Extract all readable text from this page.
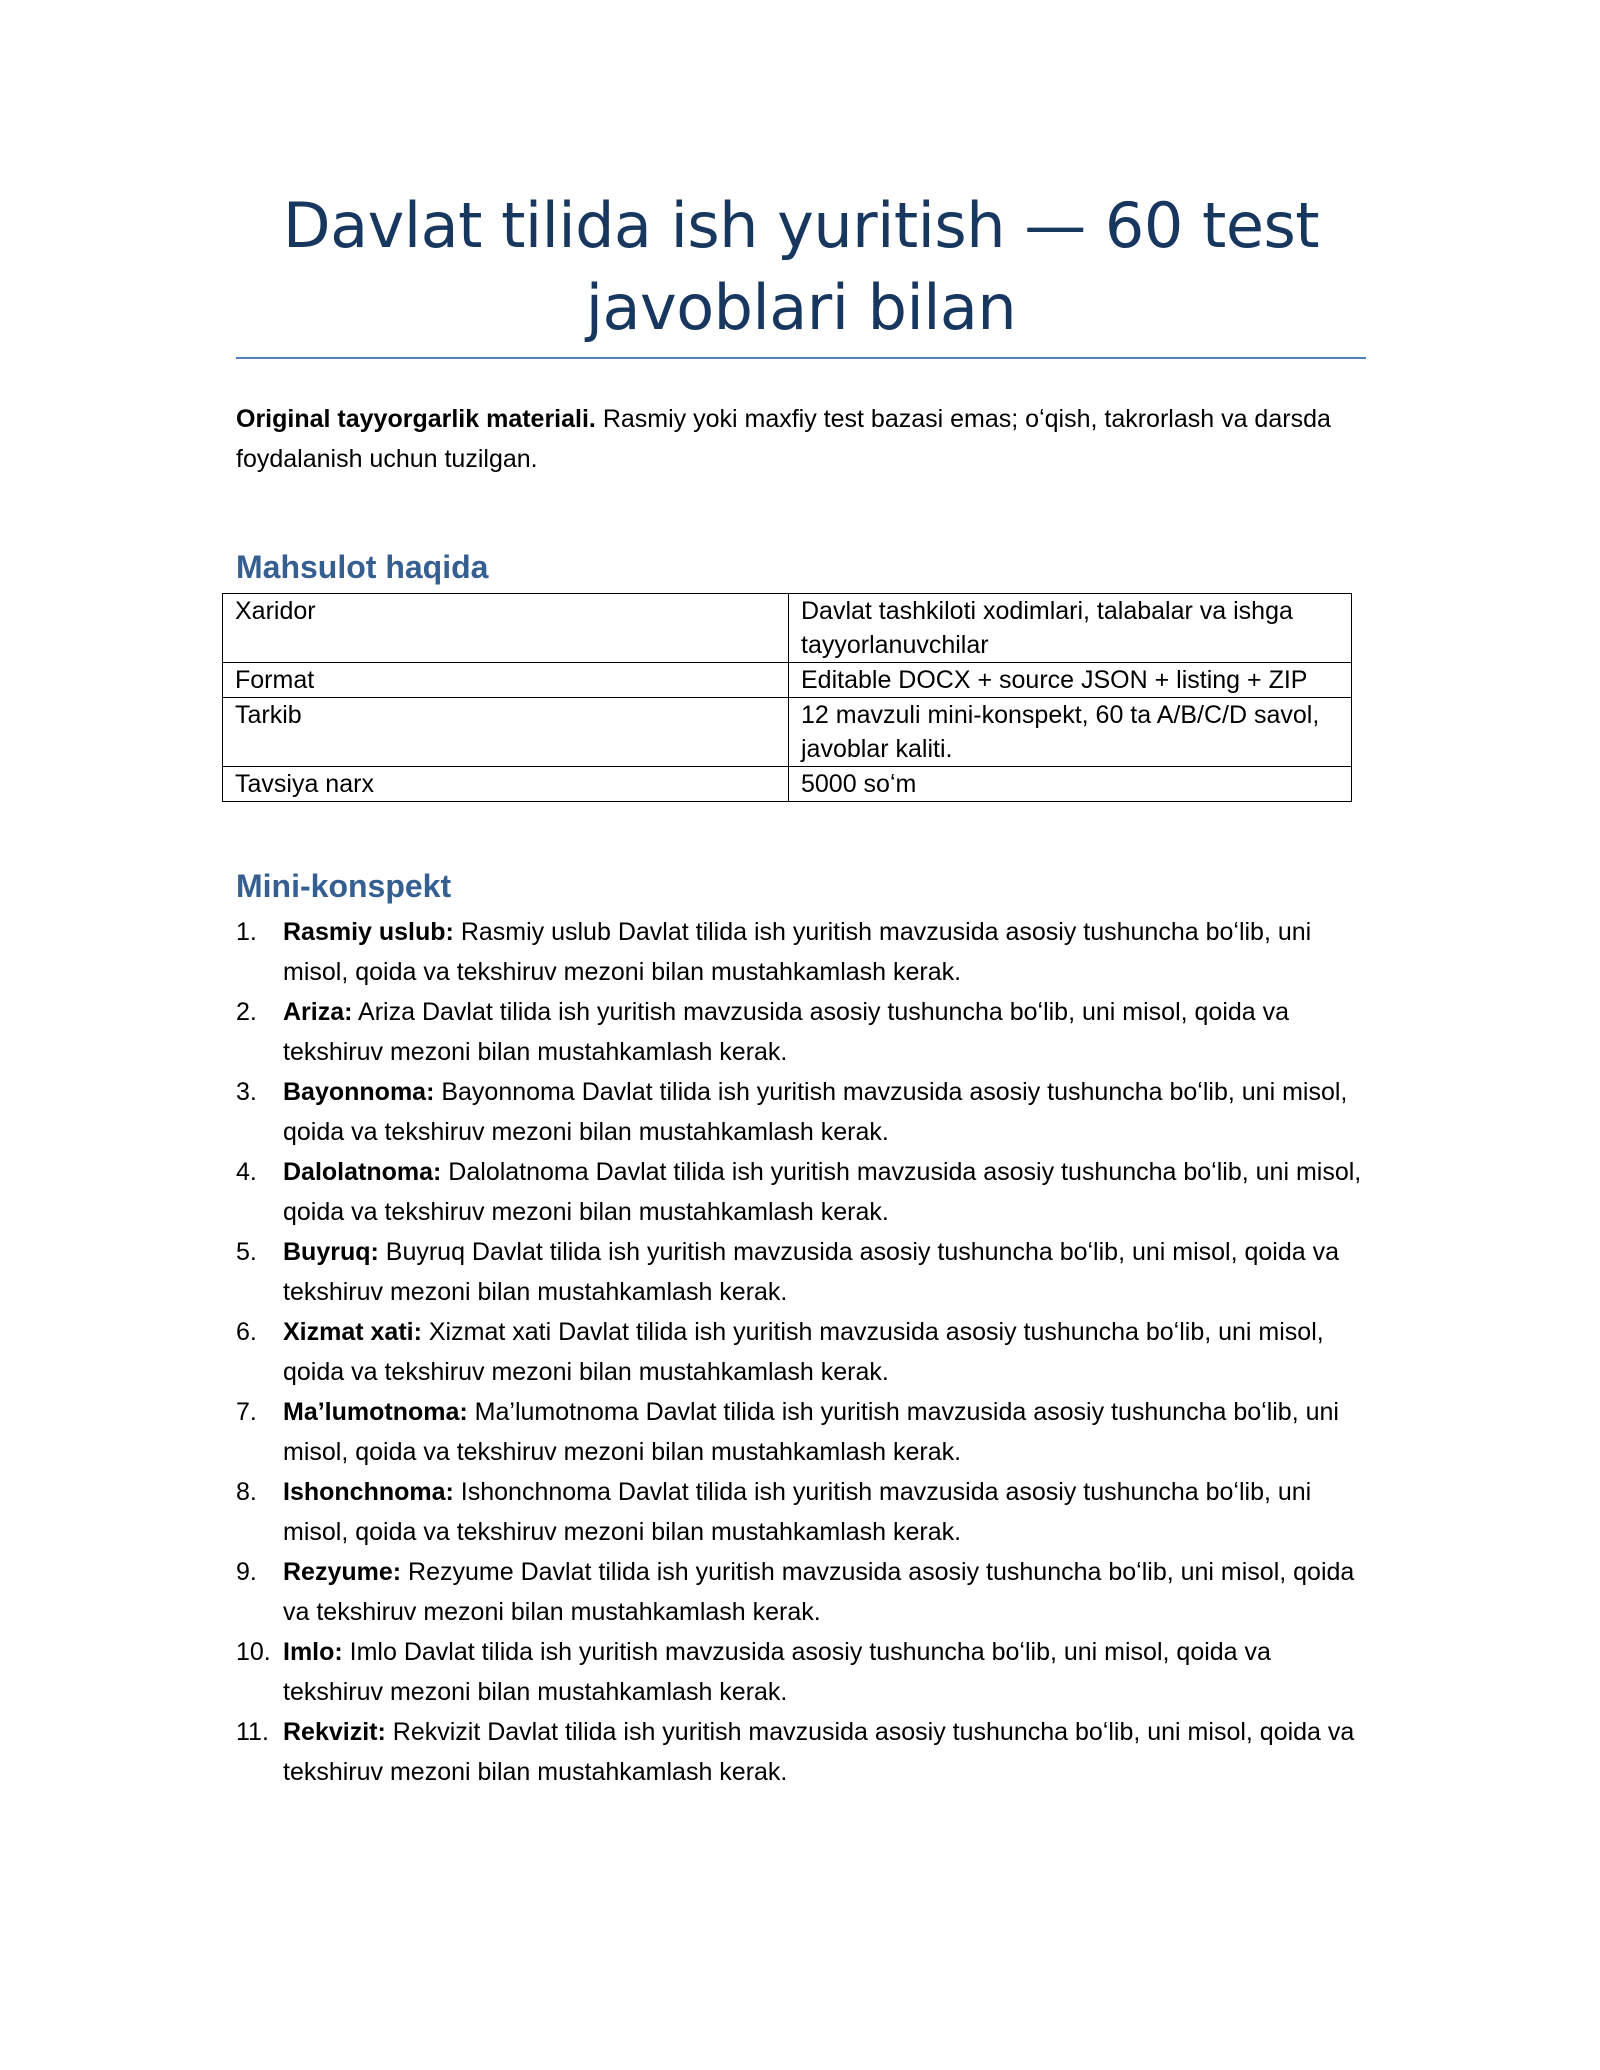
Davlat tilida ish yuritish — 60 test javoblari bilan

Original tayyorgarlik materiali. Rasmiy yoki maxfiy test bazasi emas; oʻqish, takrorlash va darsda foydalanish uchun tuzilgan.

Mahsulot haqida
Xaridor	Davlat tashkiloti xodimlari, talabalar va ishga tayyorlanuvchilar
Format	Editable DOCX + source JSON + listing + ZIP
Tarkib	12 mavzuli mini-konspekt, 60 ta A/B/C/D savol, javoblar kaliti.
Tavsiya narx	5000 soʻm
Mini-konspekt
1. Rasmiy uslub: Rasmiy uslub Davlat tilida ish yuritish mavzusida asosiy tushuncha boʻlib, uni misol, qoida va tekshiruv mezoni bilan mustahkamlash kerak.
2. Ariza: Ariza Davlat tilida ish yuritish mavzusida asosiy tushuncha boʻlib, uni misol, qoida va tekshiruv mezoni bilan mustahkamlash kerak.
3. Bayonnoma: Bayonnoma Davlat tilida ish yuritish mavzusida asosiy tushuncha boʻlib, uni misol, qoida va tekshiruv mezoni bilan mustahkamlash kerak.
4. Dalolatnoma: Dalolatnoma Davlat tilida ish yuritish mavzusida asosiy tushuncha boʻlib, uni misol, qoida va tekshiruv mezoni bilan mustahkamlash kerak.
5. Buyruq: Buyruq Davlat tilida ish yuritish mavzusida asosiy tushuncha boʻlib, uni misol, qoida va tekshiruv mezoni bilan mustahkamlash kerak.
6. Xizmat xati: Xizmat xati Davlat tilida ish yuritish mavzusida asosiy tushuncha boʻlib, uni misol, qoida va tekshiruv mezoni bilan mustahkamlash kerak.
7. Ma’lumotnoma: Ma’lumotnoma Davlat tilida ish yuritish mavzusida asosiy tushuncha boʻlib, uni misol, qoida va tekshiruv mezoni bilan mustahkamlash kerak.
8. Ishonchnoma: Ishonchnoma Davlat tilida ish yuritish mavzusida asosiy tushuncha boʻlib, uni misol, qoida va tekshiruv mezoni bilan mustahkamlash kerak.
9. Rezyume: Rezyume Davlat tilida ish yuritish mavzusida asosiy tushuncha boʻlib, uni misol, qoida va tekshiruv mezoni bilan mustahkamlash kerak.
10. Imlo: Imlo Davlat tilida ish yuritish mavzusida asosiy tushuncha boʻlib, uni misol, qoida va tekshiruv mezoni bilan mustahkamlash kerak.
11. Rekvizit: Rekvizit Davlat tilida ish yuritish mavzusida asosiy tushuncha boʻlib, uni misol, qoida va tekshiruv mezoni bilan mustahkamlash kerak.
